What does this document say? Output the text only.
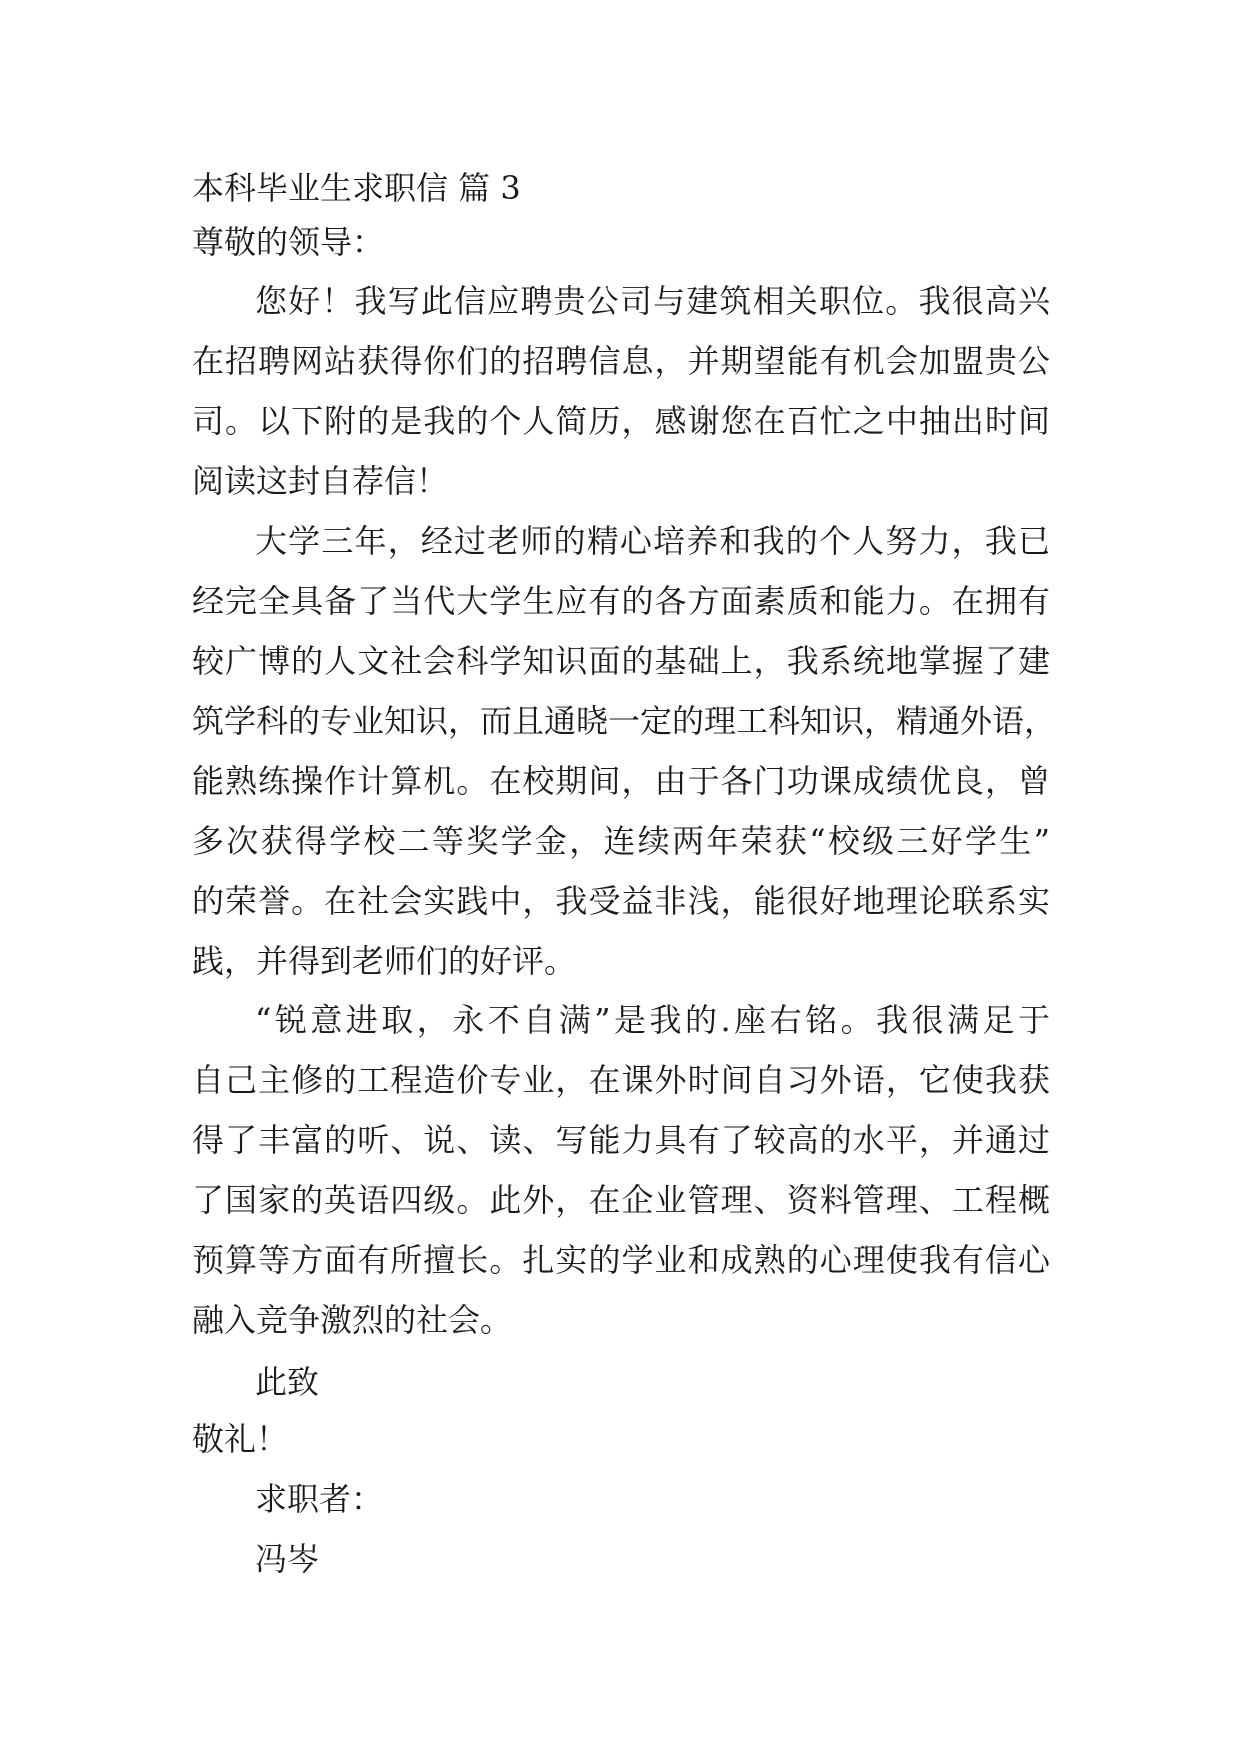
本科毕业生求职信 篇 3
尊敬的领导：
您好！我写此信应聘贵公司与建筑相关职位。我很高兴
在招聘网站获得你们的招聘信息，并期望能有机会加盟贵公
司。以下附的是我的个人简历，感谢您在百忙之中抽出时间
阅读这封自荐信！
大学三年，经过老师的精心培养和我的个人努力，我已
经完全具备了当代大学生应有的各方面素质和能力。在拥有
较广博的人文社会科学知识面的基础上，我系统地掌握了建
筑学科的专业知识，而且通晓一定的理工科知识，精通外语，
能熟练操作计算机。在校期间，由于各门功课成绩优良，曾
多次获得学校二等奖学金，连续两年荣获“校级三好学生”
的荣誉。在社会实践中，我受益非浅，能很好地理论联系实
践，并得到老师们的好评。
“锐意进取，永不自满”是我的.座右铭。我很满足于
自己主修的工程造价专业，在课外时间自习外语，它使我获
得了丰富的听、说、读、写能力具有了较高的水平，并通过
了国家的英语四级。此外，在企业管理、资料管理、工程概
预算等方面有所擅长。扎实的学业和成熟的心理使我有信心
融入竞争激烈的社会。
此致
敬礼！
求职者：
冯岑
